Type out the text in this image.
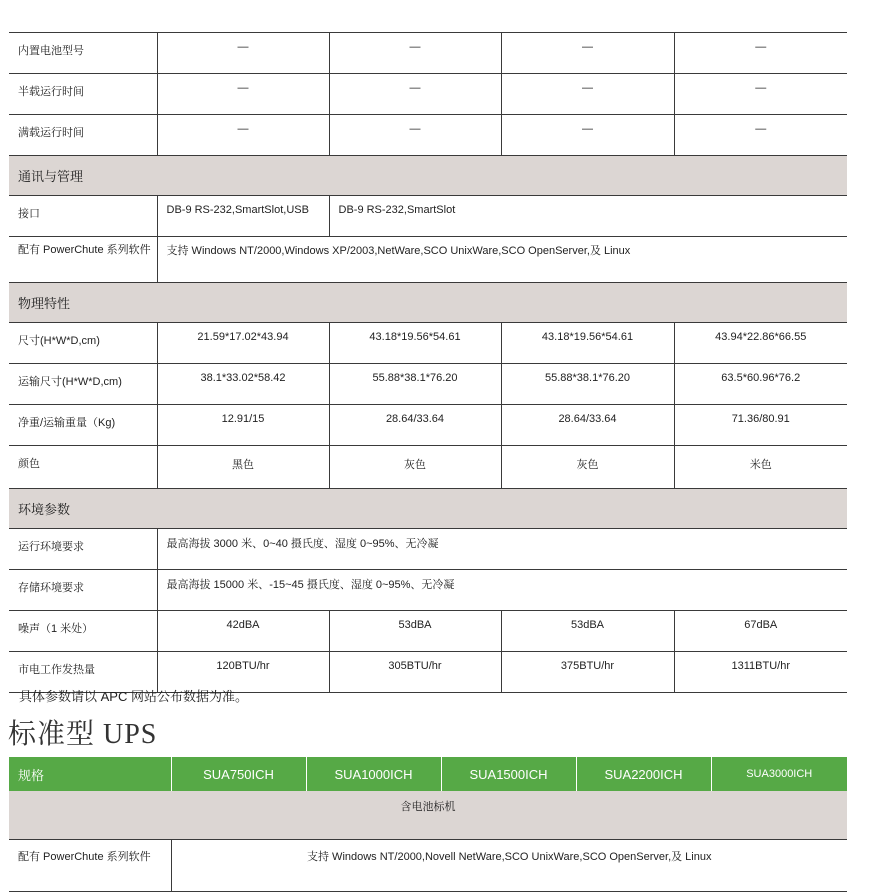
内置电池型号	—	—	—	—
半载运行时间	—	—	—	—
满载运行时间	—	—	—	—
通讯与管理				
接口	DB-9 RS-232,SmartSlot,USB	DB-9 RS-232,SmartSlot		
配有 PowerChute 系列软件	支持 Windows NT/2000,Windows XP/2003,NetWare,SCO UnixWare,SCO OpenServer,及 Linux			
物理特性				
尺寸(H*W*D,cm)	21.59*17.02*43.94	43.18*19.56*54.61	43.18*19.56*54.61	43.94*22.86*66.55
运输尺寸(H*W*D,cm)	38.1*33.02*58.42	55.88*38.1*76.20	55.88*38.1*76.20	63.5*60.96*76.2
净重/运输重量（Kg)	12.91/15	28.64/33.64	28.64/33.64	71.36/80.91
颜色	黑色	灰色	灰色	米色
环境参数				
运行环境要求	最高海拔 3000 米、0~40 摄氏度、湿度 0~95%、无冷凝			
存储环境要求	最高海拔 15000 米、-15~45 摄氏度、湿度 0~95%、无冷凝			
噪声（1 米处）	42dBA	53dBA	53dBA	67dBA
市电工作发热量	120BTU/hr	305BTU/hr	375BTU/hr	1311BTU/hr
具体参数请以 APC 网站公布数据为准。
标准型 UPS
规格	SUA750ICH	SUA1000ICH	SUA1500ICH	SUA2200ICH	SUA3000ICH
含电池标机					
配有 PowerChute 系列软件	支持 Windows NT/2000,Novell NetWare,SCO UnixWare,SCO OpenServer,及 Linux				
